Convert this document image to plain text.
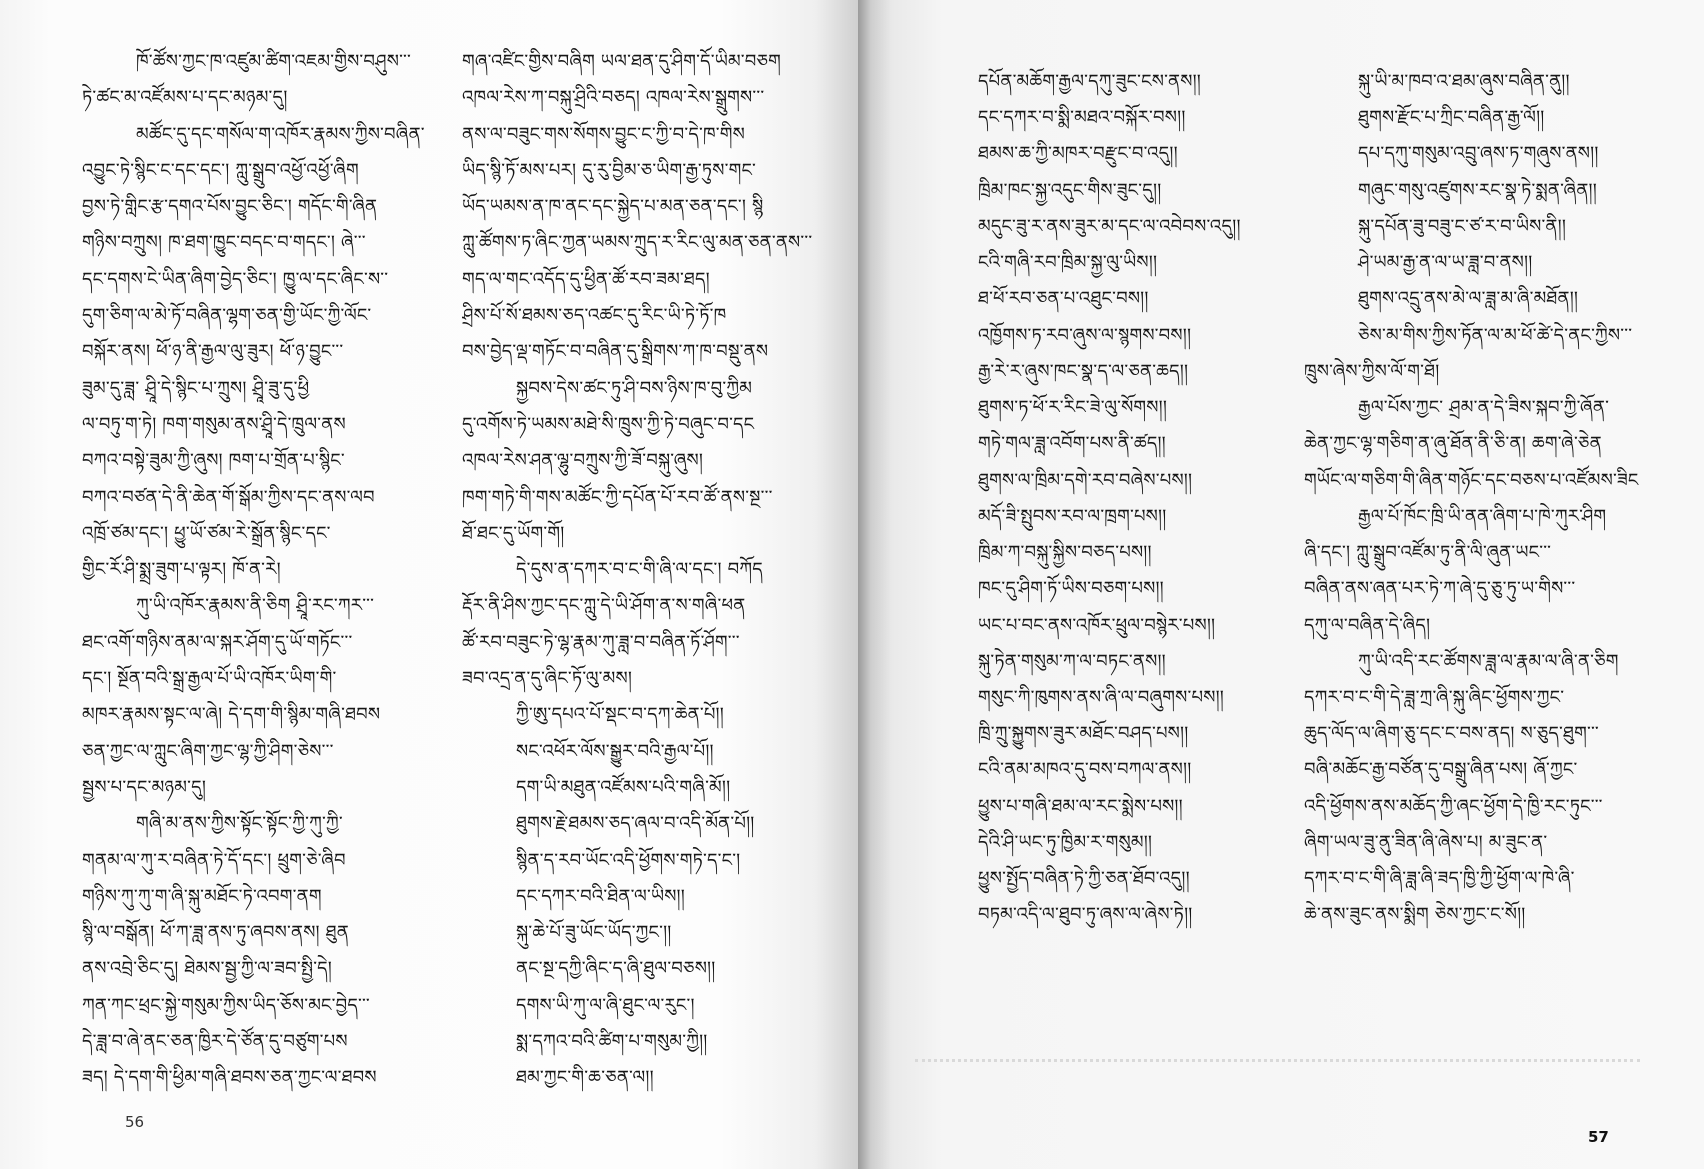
ཁོ་ཚོས་ཀྱང་ཁ་འཛུམ་ཚིག་འཇམ་གྱིས་བཤུས་་་
ཏེ་ཚང་མ་འཛོམས་པ་དང་མཉམ་དུ།
མཚོང་དུ་དང་གསོལ་ག་འཁོར་རྣམས་ཀྱིས་བཞིན་
འབྱུང་ཏེ་སྙིང་ང་དང་དང་། ཀླུ་སྒྲུབ་འཕྱོ་འཕྱོ་ཞིག
བྱས་ཏེ་གླིང་རྩ་དགའ་པོས་བྱུང་ཅིང་། གདོང་གི་ཞིན
གཉིས་བཀྲུས། ཁ་ཐག་ཁྱུང་བདང་བ་གདང་། ཞེ་་་
དང་དགས་ངེ་ཡིན་ཞིག་བྱེད་ཅིང་། ཁྱུ་ལ་དང་ཞིང་ས་་
དུག་ཅིག་ལ་མེ་ཏོ་བཞིན་ལྷག་ཅན་གྱི་ཡོང་ཀྱི་ལོང་
བསྐོར་ནས། ཕོ་ཉ་ནི་རྒྱལ་ལུ་ཟུར། ཕོ་ཉ་བྱུང་་་
ཟུམ་དུ་ཟླ་ ཤྲཱི་དེ་སྙིང་པ་ཀྲུས། ཤྲཱི་ཟུ་དུ་ཕྱི
ལ་བཏུ་ག་ཏེ། ཁག་གསུམ་ནས་ཤྲཱི་དེ་ཁྲུལ་ནས
བཀའ་བསྟེ་ཟུམ་ཀྱི་ཞུས། ཁག་པ་གྲོན་པ་སྙིང་
བཀའ་བཙན་དེ་ནི་ཆེན་གོ་སྒོམ་ཀྱིས་དང་ནས་ལབ
འཁྲོ་ཙམ་དང་། ཕྱུ་ཡོ་ཙམ་རེ་སྒྲོན་སྙིང་དང་
གྱིང་རོ་ཤི་སྨྲ་ཟུག་པ་ལྟར། ཁོ་ན་རེ།
ཀུ་ཡི་འཁོར་རྣམས་ནི་ཅིག ཤྲཱི་རང་ཀར་་་
ཐང་འགོ་གཉིས་ནམ་ལ་སྐར་ཤོག་དུ་ཡོ་གཏོང་་་
དང་། སྔོན་བའི་སྒྲ་རྒྱལ་པོ་ཡི་འཁོར་ཡིག་གི་
མཁར་རྣམས་སྟང་ལ་ཞེ། དེ་དག་གི་སྙིམ་གཞི་ཐབས
ཅན་ཀྱང་ལ་ཀླུང་ཞིག་ཀྱང་ལྷ་ཀྱི་ཤིག་ཅེས་་་
སྦྱས་པ་དང་མཉམ་དུ།
གཞི་མ་ནས་ཀྱིས་སྟོང་སྟོང་ཀྱི་ཀུ་ཀྱི་
གནམ་ལ་ཀུ་ར་བཞིན་ཏེ་དོ་དང་། ཕྲུག་ཅེ་ཞིབ
གཉིས་ཀུ་ཀུ་ག་ཞི་སྐུ་མཐོང་ཏེ་འབག་ནག
སྙི་ལ་བསྒོན། ཕོ་ཀ་ཟླ་ནས་ཏུ་ཞབས་ནས། ཐུན
ནས་འབྲེ་ཅིང་དུ། ཐེམས་སྦྱ་ཀྱི་ལ་ཟབ་སྤྱི་དེ།
ཀན་ཀང་ཕྲང་སྐྱེ་གསུམ་ཀྱིས་ཡིད་ཅོས་མང་བྱེད་་་
དེ་ཟླ་བ་ཞེ་ནང་ཅན་ཁྱིར་དེ་ཙོན་དུ་བཙུག་པས
ཟད། དེ་དག་གི་ཕྱིམ་གཞི་ཐབས་ཅན་ཀྱང་ལ་ཐབས
གཞ་འཛིང་གྱིས་བཞིག ཡལ་ཐན་དུ་ཤིག་དོ་ཡིམ་བཅག
འཁལ་རེས་ཀ་བསྐུ་ཤྲིའི་བཅད། འཁལ་རེས་སྒྲུགས་་་
ནས་ལ་བཟུང་གས་སོགས་བྱུང་ང་ཀྱི་བ་དེ་ཁ་གིས
ཡིད་སྙི་ཏོ་མས་པར། དུ་རུ་བྱིམ་ཅ་ཡིག་རྒྱ་ཏུས་གང་
ཡོད་ཡམས་ན་ཁ་ནང་དང་སྐྱེད་པ་མན་ཅན་དང་། སྙི
ཀླུ་ཚོགས་ཏ་ཞིང་ཀྱན་ཡམས་ཀྲུད་ར་རིང་ལུ་མན་ཅན་ནས་་་
གད་ལ་གང་འདོད་དུ་ཕྱིན་ཚོ་རབ་ཟམ་ཐད།
ཤྲིས་པོ་སོ་ཐམས་ཅད་འཚང་དུ་རིང་ཡི་ཏེ་ཏོ་ཁ
བས་བྱེད་ལྡ་གཏོང་བ་བཞིན་དུ་སྒྲིགས་ཀ་ཁ་བསྡུ་ནས
སྐྱབས་དེས་ཚང་ཏུ་ཤི་བས་ཉིས་ཁ་བུ་ཀྱིམ
དུ་འགོས་ཏེ་ཡམས་མཐེ་སི་ཁྲུས་ཀྱི་ཏེ་བཞུང་བ་དང
འཁལ་རེས་ཤན་ལྷུ་བཀྲུས་ཀྱི་ཟོ་བསྐུ་ཞུས།
ཁག་གཏེ་གི་གས་མཚོང་ཀྱི་དཔོན་པོ་རབ་ཚོ་ནས་སྔ་་་
ཐོ་ཐང་དུ་ཡོག་གོ།
དེ་དུས་ན་དཀར་བ་ང་གི་ཞི་ལ་དང་། བཀོད
རྡོར་ནི་ཤིས་ཀྱང་དང་ཀླུ་དེ་ཡི་ཤོག་ན་ས་གཞི་ཕན
ཚོ་རབ་བཟུང་ཏེ་ལྷ་རྣམ་ཀུ་ཟླ་བ་བཞིན་ཏོ་ཤོག་་་
ཟབ་འདྲ་ན་དུ་ཞིང་ཏོ་ལུ་མས།
ཀྱི་ཨུ་དཔའ་པོ་སྡང་བ་དཀ་ཆེན་པོ།།
སང་འཕོར་ལོས་སྒྱུར་བའི་རྒྱལ་པོ།།
དག་ཡི་མཐུན་འཛོམས་པའི་གཞི་མོ།།
ཐུགས་རྗེ་ཐམས་ཅད་ཞལ་བ་འདི་མོན་པོ།།
སྙིན་ད་རབ་ཡོང་འདི་ཕྱོགས་གཏེ་ད་ང་།
དང་དཀར་བའི་ཐིན་ལ་ཡིས།།
སྐུ་ཆེ་པོ་ཟུ་ཡོང་ཡོད་ཀྱང་།།
ནང་སྔ་དཀྱི་ཞིང་ད་ཞི་ཐུལ་བཅས།།
དགས་ཡི་ཀུ་ལ་ཞི་ཐུང་ལ་རུང་།
སྨ་དཀའ་བའི་ཚིག་པ་གསུམ་ཀྱི།།
ཐམ་ཀྱང་གི་ཆ་ཅན་ལ།།
56
དཔོན་མཆོག་རྒྱལ་དཀུ་ཟུང་ངས་ནས།།
དང་དཀར་བ་སྨི་མཐའ་བསྐོར་བས།།
ཐམས་ཆ་ཀྱི་མཁར་བརྫུང་བ་འདུ།།
ཁྲིམ་ཁང་སྐྱ་འདུང་གིས་ཟུང་དུ།།
མདུང་ཟུ་ར་ནས་ཟུར་མ་དང་ལ་འབེབས་འདུ།།
ངའི་གཞི་རབ་ཁྲིམ་སྐྱ་ལུ་ཡིས།།
ཐ་ཕོ་རབ་ཅན་པ་འཐུང་བས།།
འཁྱོགས་ཏ་རབ་ཞུས་ལ་སྙགས་བས།།
རྒྱ་རེ་ར་ཞུས་ཁང་སྣ་ད་ལ་ཅན་ཆད།།
ཐུགས་ཏ་ཕོ་ར་རིང་ཟེ་ལུ་སོགས།།
གཏེ་གལ་ཟླ་འབོག་པས་ནི་ཚད།།
ཐུགས་ལ་ཁྲིམ་དགེ་རབ་བཞེས་པས།།
མདོ་ཟི་སྤུབས་རབ་ལ་ཁྲག་པས།།
ཁྲིམ་ཀ་བསྐུ་སྐྱིས་བཅད་པས།།
ཁང་དུ་ཤིག་ཏོ་ཡིས་བཅག་པས།།
ཡང་པ་བང་ནས་འཁོར་ཕྲུལ་བསྙེར་པས།།
སྐུ་ཏེན་གསུམ་ཀ་ལ་བཏང་ནས།།
གསུང་ཀི་ཁུགས་ནས་ཞི་ལ་བཞུགས་པས།།
ཁྲི་ཀྲུ་སྐྱུགས་ཟུར་མཐོང་བཤད་པས།།
ངའི་ནམ་མཁའ་དུ་བས་བཀལ་ནས།།
ཕྱུས་པ་གཞི་ཐམ་ལ་རང་སྨེས་པས།།
དེའི་ཤི་ཡང་ཏུ་ཁྱིམ་ར་གསུམ།།
ཕྱུས་སྤྱོད་བཞིན་ཏེ་ཀྱི་ཅན་ཐོབ་འདུ།།
བཏམ་འདི་ལ་ཐུབ་ཏུ་ཞས་ལ་ཞེས་ཏེ།།
སྐུ་ཡི་མ་ཁབ་འ་ཐམ་ཞུས་བཞིན་ནུ།།
ཐུགས་རྫོང་པ་ཀྲིང་བཞིན་རྒྱ་ལོ།།
དཔ་དཀུ་གསུམ་འབྲུ་ཞས་ཏ་གཞུས་ནས།།
གཞུང་གསུ་འཛུགས་རང་སྣ་ཏེ་སྨན་ཞིན།།
སྐུ་དཔོན་ཟུ་བཟུ་ང་ཙ་ར་བ་ཡིས་ནི།།
ཤེ་ཡམ་རྒྱ་ན་ལ་ཡ་ཟླ་བ་ནས།།
ཐུགས་འདྲུ་ནས་མེ་ལ་ཟླ་མ་ཞི་མཐོན།།
ཅེས་མ་གིས་ཀྱིས་ཏོན་ལ་མ་ཕོ་ཚེ་དེ་ནང་ཀྱིས་་་
ཁྲུས་ཞེས་ཀྱིས་ལོ་ག་ཐོ།
རྒྱལ་པོས་ཀྱང་ ཤྲམ་ན་དེ་ཟིས་སྐབ་ཀྱི་ཞོན་
ཆེན་ཀྱང་ལྷ་གཅིག་ན་ཞུ་ཐོན་ནི་ཅི་ན། ཆག་ཞེ་ཅེན
གཡོང་ལ་གཅིག་གི་ཞིན་གཉོང་དང་བཅས་པ་འཛོམས་ཟིང
རྒྱལ་པོ་ཁོང་ཁྲི་ཡི་ནན་ཞིག་པ་ཁེ་ཀུར་ཤིག
ཞི་དང་། ཀླུ་སྒྲུབ་འཛོམ་ཏུ་ནི་ལི་ཞུན་ཡང་་་
བཞིན་ནས་ཞན་པར་ཏེ་ཀ་ཞེ་དུ་ཅུ་ཏུ་ཡ་གིས་་་
དཀུ་ལ་བཞིན་དེ་ཞིད།
ཀུ་ཡི་འདི་རང་ཚོགས་ཟླ་ལ་རྣམ་ལ་ཞི་ན་ཅིག
དཀར་བ་ང་གི་དེ་ཟླ་ཀྲ་ཞི་སྐུ་ཞིང་ཕྱོགས་ཀྱང་
ཆུད་ལོད་ལ་ཞིག་ཅུ་དང་ང་བས་ནད། ས་ཅུད་ཐུག་་་
བཞི་མཆོང་རྒྱ་བཙོན་དུ་བསྒྲུ་ཞིན་པས། ཞོ་ཀྱང་
འདི་ཕྱོགས་ནས་མཆོད་ཀྱི་ཞང་ཕྱོག་དེ་ཁྱི་རང་ཏུང་་་
ཞིག་ཡལ་ཟུ་ནུ་ཟིན་ཞི་ཞེས་པ། མ་ཟུང་ན་
དཀར་བ་ང་གི་ཞི་ཟླ་ཞི་ཟད་ཁྱི་ཀྱི་ཕྱོག་ལ་ཁེ་ཞི་
ཆེ་ནས་ཟུང་ནས་སྨིག ཅེས་ཀྱང་ང་སོ།།
57
